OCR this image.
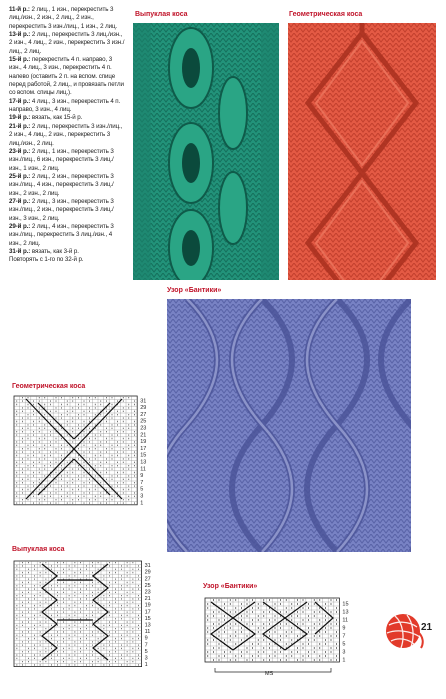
11-й р.: 2 лиц., 1 изн., перекрестить 3 лиц./изн., 2 изн., 2 лиц., 2 изн., перекрестить 3 изн./лиц., 1 изн., 2 лиц.
13-й р.: 2 лиц., перекрестить 3 лиц./изн., 2 изн., 4 лиц., 2 изн., перекрестить 3 изн./лиц., 2 лиц.
15-й р.: перекрестить 4 п. направо, 3 изн., 4 лиц., 3 изн., перекрестить 4 п. налево (оставить 2 п. на вспом. спице перед работой, 2 лиц., и провязать петли со вспом. спицы лиц.).
17-й р.: 4 лиц., 3 изн., перекрестить 4 п. направо, 3 изн., 4 лиц.
19-й р.: вязать, как 15-й р.
21-й р.: 2 лиц., перекрестить 3 изн./лиц., 2 изн., 4 лиц., 2 изн., перекрестить 3 лиц./изн., 2 лиц.
23-й р.: 2 лиц., 1 изн., перекрестить 3 изн./лиц., 6 изн., перекрестить 3 лиц./изн., 1 изн., 2 лиц.
25-й р.: 2 лиц., 2 изн., перекрестить 3 изн./лиц., 4 изн., перекрестить 3 лиц./изн., 2 изн., 2 лиц.
27-й р.: 2 лиц., 3 изн., перекрестить 3 изн./лиц., 2 изн., перекрестить 3 лиц./изн., 3 изн., 2 лиц.
29-й р.: 2 лиц., 4 изн., перекрестить 3 изн./лиц., перекрестить 3 лиц./изн., 4 изн., 2 лиц.
31-й р.: вязать, как 3-й р.
Повторять с 1-го по 32-й р.

Выпуклая коса	Геометрическая коса
Узор «Бантики»
Геометрическая коса
31
29
27
25
23
21
19
17
15
13
11
9
7
5
3
1
Выпуклая коса
31
29
27
25
23
21
19
17
15
13
11
9
7
5
3
1
Узор «Бантики»
15
13
11
9
7
5
3
1
MS
21
